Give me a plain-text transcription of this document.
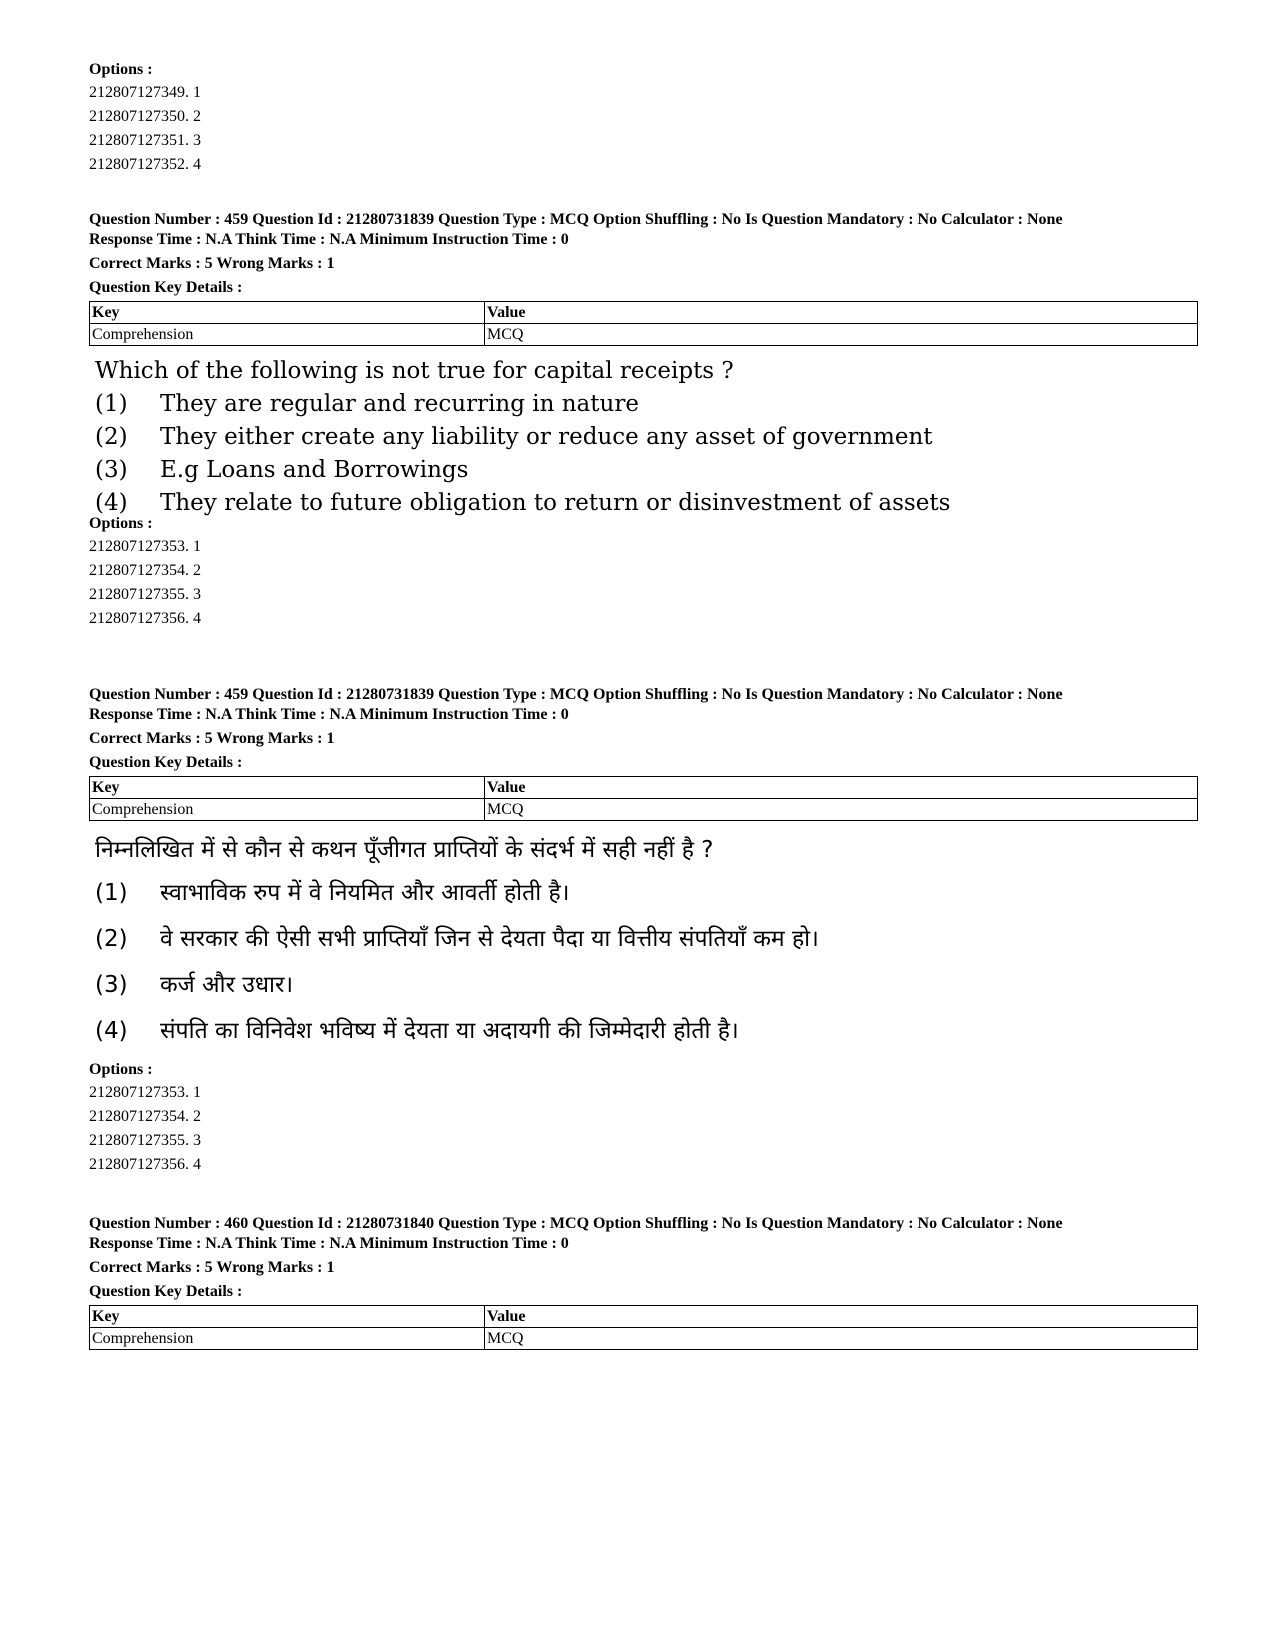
Options :
212807127349. 1
212807127350. 2
212807127351. 3
212807127352. 4
Question Number : 459 Question Id : 21280731839 Question Type : MCQ Option Shuffling : No Is Question Mandatory : No Calculator : None
Response Time : N.A Think Time : N.A Minimum Instruction Time : 0
Correct Marks : 5 Wrong Marks : 1
Question Key Details :
Key	Value
Comprehension	MCQ
Which of the following is not true for capital receipts ?
(1)	They are regular and recurring in nature
(2)	They either create any liability or reduce any asset of government
(3)	E.g Loans and Borrowings
(4)	They relate to future obligation to return or disinvestment of assets
Options :
212807127353. 1
212807127354. 2
212807127355. 3
212807127356. 4
Question Number : 459 Question Id : 21280731839 Question Type : MCQ Option Shuffling : No Is Question Mandatory : No Calculator : None
Response Time : N.A Think Time : N.A Minimum Instruction Time : 0
Correct Marks : 5 Wrong Marks : 1
Question Key Details :
Key	Value
Comprehension	MCQ
निम्नलिखित में से कौन से कथन पूँजीगत प्राप्तियों के संदर्भ में सही नहीं है ?
(1)	स्वाभाविक रुप में वे नियमित और आवर्ती होती है।
(2)	वे सरकार की ऐसी सभी प्राप्तियाँ जिन से देयता पैदा या वित्तीय संपतियाँ कम हो।
(3)	कर्ज और उधार।
(4)	संपति का विनिवेश भविष्य में देयता या अदायगी की जिम्मेदारी होती है।
Options :
212807127353. 1
212807127354. 2
212807127355. 3
212807127356. 4
Question Number : 460 Question Id : 21280731840 Question Type : MCQ Option Shuffling : No Is Question Mandatory : No Calculator : None
Response Time : N.A Think Time : N.A Minimum Instruction Time : 0
Correct Marks : 5 Wrong Marks : 1
Question Key Details :
Key	Value
Comprehension	MCQ
